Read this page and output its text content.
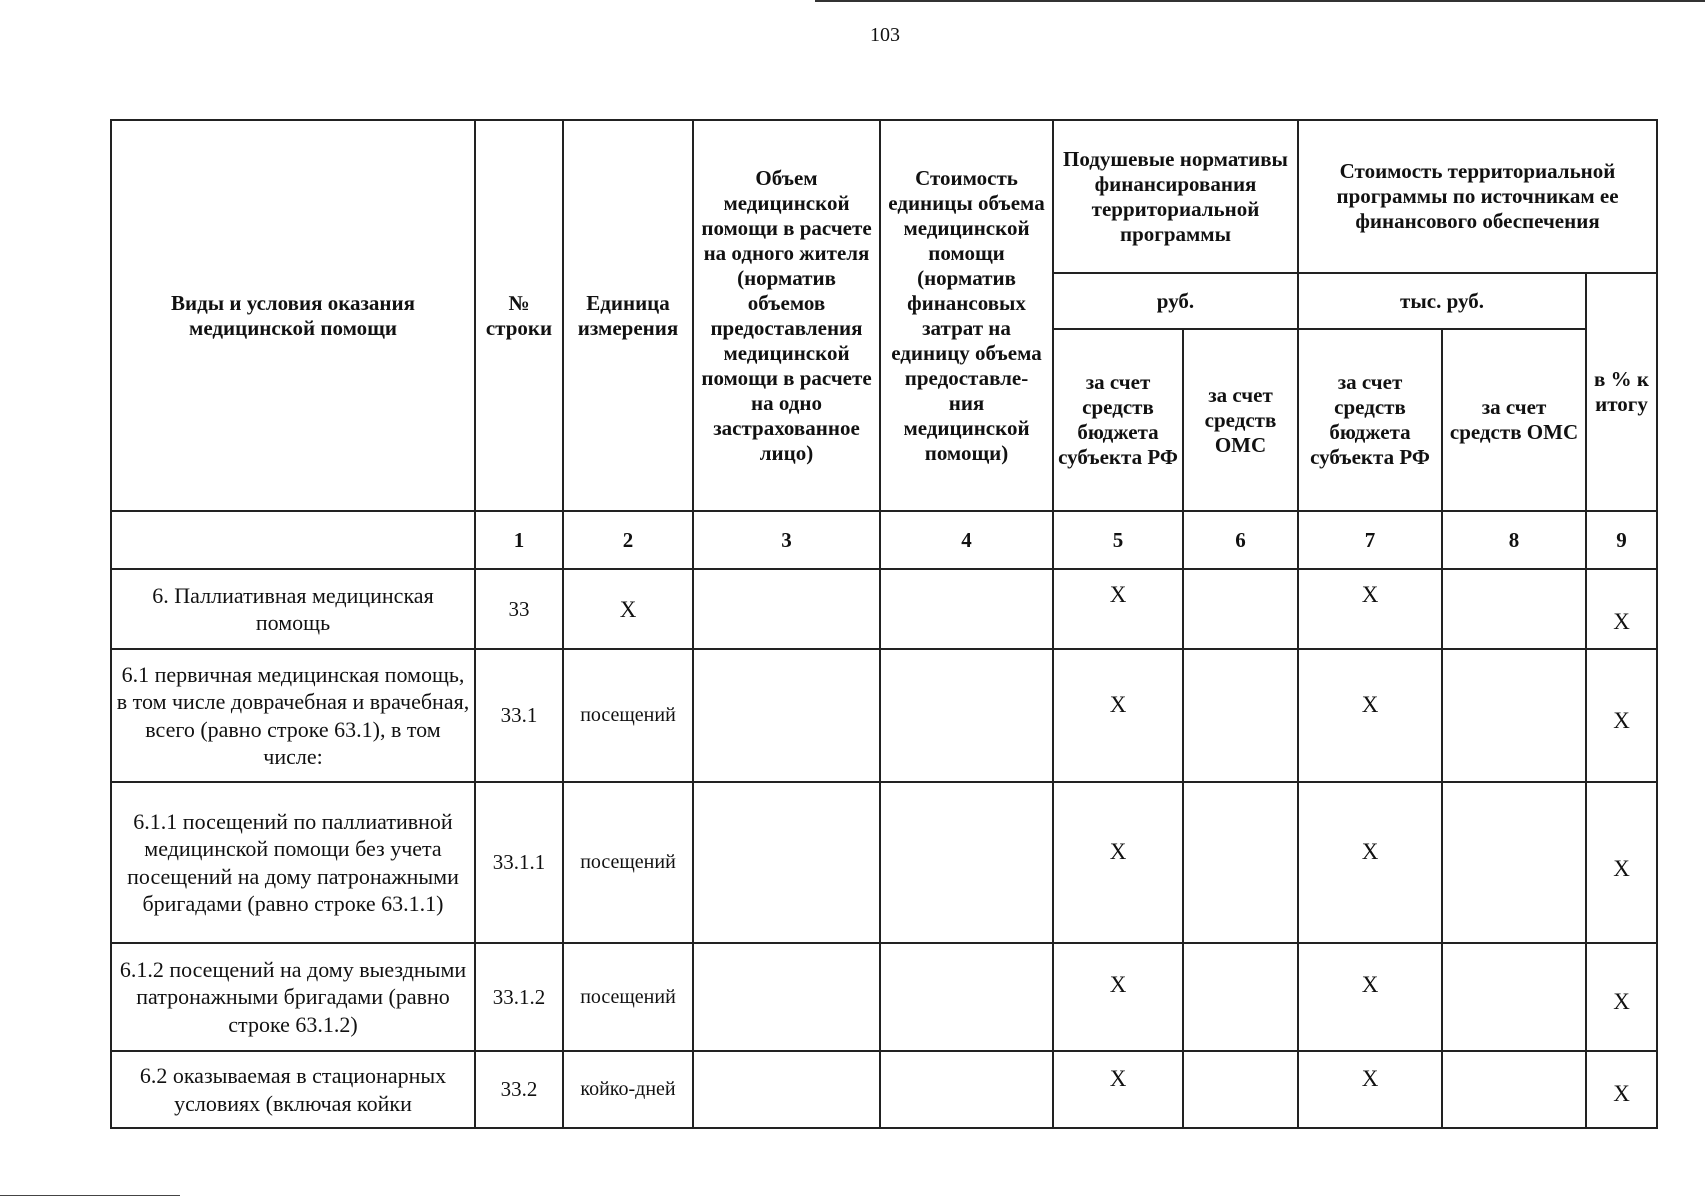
103
Виды и условия оказания медицинской помощи	№ строки	Единица измерения	Объем медицинской помощи в расчете на одного жителя (норматив объемов предоставления медицинской помощи в расчете на одно застрахованное лицо)	Стоимость единицы объема медицинской помощи (норматив финансовых затрат на единицу объема предоставле- ния медицинской помощи)	Подушевые нормативы финансирования территориальной программы		Стоимость территориальной программы по источникам ее финансового обеспечения		
					руб.		тыс. руб.		в % к итогу
					за счет средств бюджета субъекта РФ	за счет средств ОМС	за счет средств бюджета субъекта РФ	за счет средств ОМС	
	1	2	3	4	5	6	7	8	9
6. Паллиативная медицинская помощь	33	Х			Х		Х		Х
6.1 первичная медицинская помощь, в том числе доврачебная и врачебная, всего (равно строке 63.1), в том числе:	33.1	посещений			Х		Х		Х
6.1.1 посещений по паллиативной медицинской помощи без учета посещений на дому патронажными бригадами (равно строке 63.1.1)	33.1.1	посещений			Х		Х		Х
6.1.2 посещений на дому выездными патронажными бригадами (равно строке 63.1.2)	33.1.2	посещений			Х		Х		Х
6.2 оказываемая в стационарных условиях (включая койки	33.2	койко-дней			Х		Х		Х
